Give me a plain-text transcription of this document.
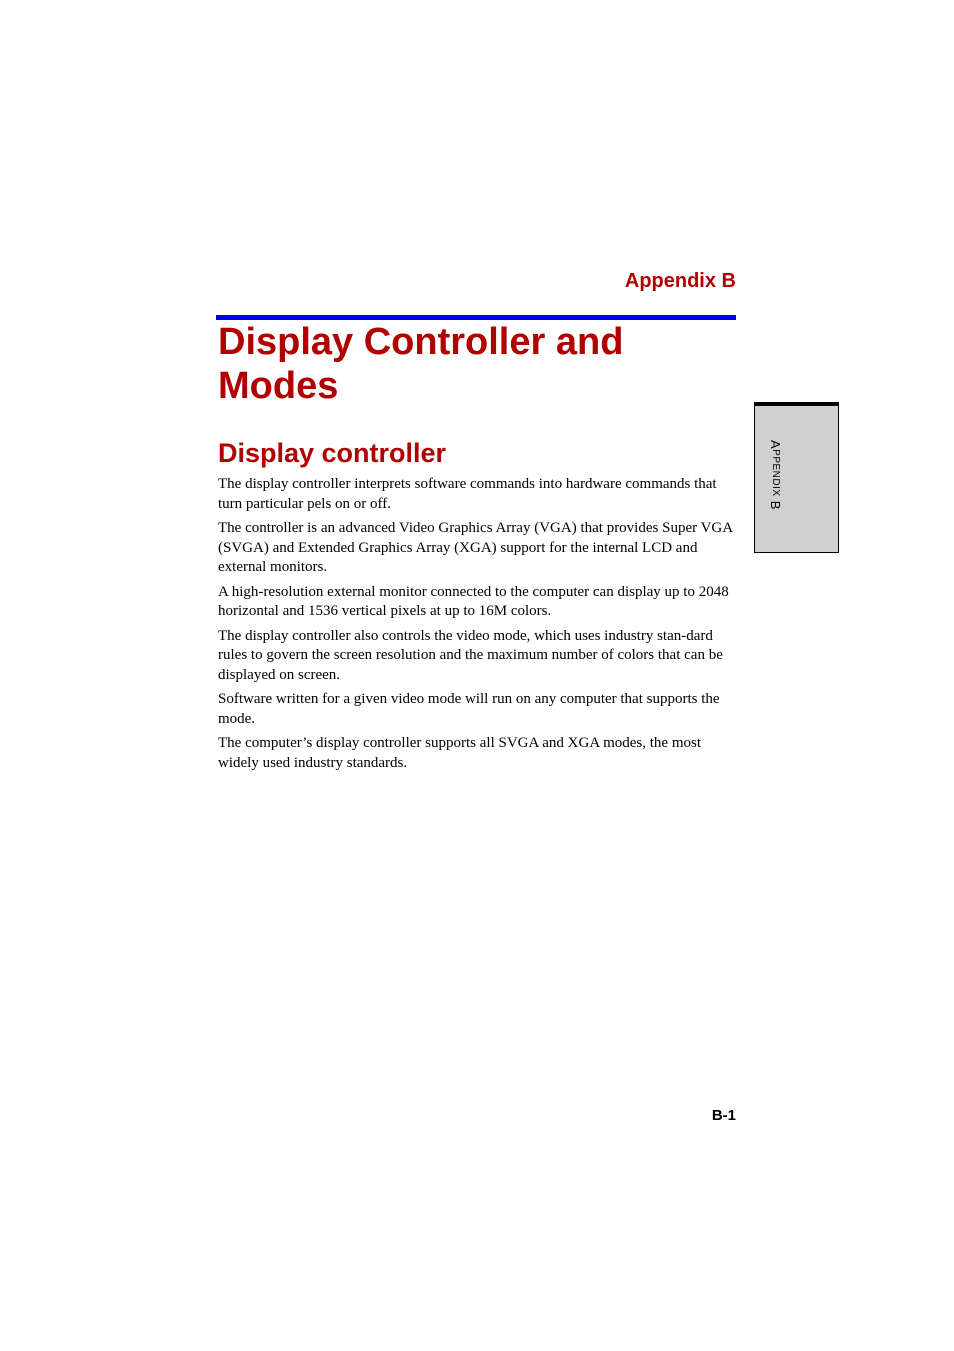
Appendix B
Display Controller and
Modes
Display controller

The display controller interprets software commands into hardware commands that turn particular pels on or off.

The controller is an advanced Video Graphics Array (VGA) that provides Super VGA (SVGA) and Extended Graphics Array (XGA) support for the internal LCD and external monitors.

A high-resolution external monitor connected to the computer can display up to 2048 horizontal and 1536 vertical pixels at up to 16M colors.

The display controller also controls the video mode, which uses industry stan-dard rules to govern the screen resolution and the maximum number of colors that can be displayed on screen.

Software written for a given video mode will run on any computer that supports the mode.

The computer’s display controller supports all SVGA and XGA modes, the most widely used industry standards.

APPENDIX B
B-1
